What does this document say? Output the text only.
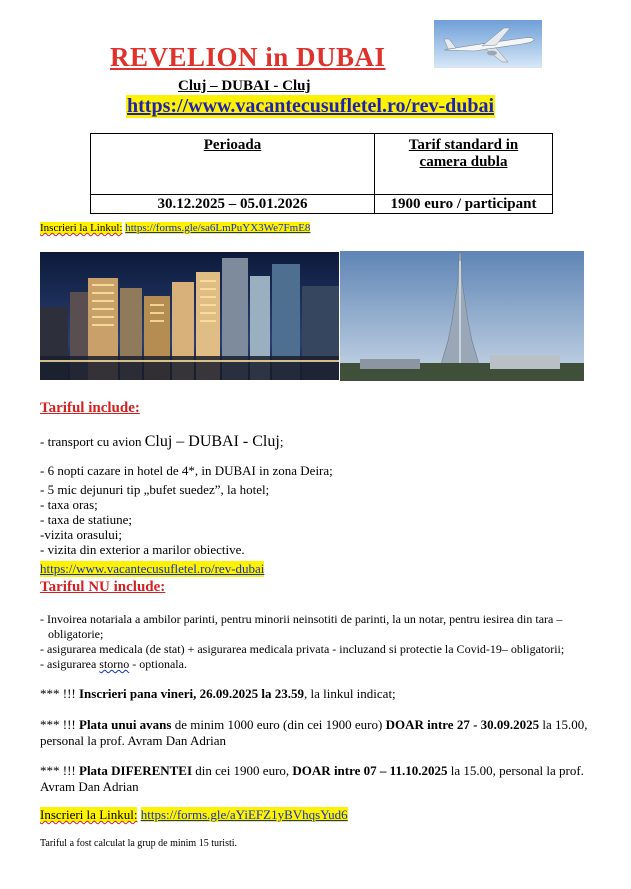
REVELION in DUBAI
Cluj – DUBAI - Cluj
https://www.vacantecusufletel.ro/rev-dubai
Perioada	Tarif standard in
camera dubla
30.12.2025 – 05.01.2026	1900 euro / participant
Inscrieri la Linkul: https://forms.gle/sa6LmPuYX3We7FmE8
Tariful include:
- transport cu avion Cluj – DUBAI - Cluj;
- 6 nopti cazare in hotel de 4*, in DUBAI in zona Deira;
- 5 mic dejunuri tip „bufet suedez”, la hotel;
- taxa oras;
- taxa de statiune;
-vizita orasului;
- vizita din exterior a marilor obiective.
https://www.vacantecusufletel.ro/rev-dubai
Tariful NU include:
- Invoirea notariala a ambilor parinti, pentru minorii neinsotiti de parinti, la un notar, pentru iesirea din tara –
obligatorie;
- asigurarea medicala (de stat) + asigurarea medicala privata - incluzand si protectie la Covid-19– obligatorii;
- asigurarea storno - optionala.
*** !!! Inscrieri pana vineri, 26.09.2025 la 23.59, la linkul indicat;
*** !!! Plata unui avans de minim 1000 euro (din cei 1900 euro) DOAR intre 27 - 30.09.2025 la 15.00,
personal la prof. Avram Dan Adrian
*** !!! Plata DIFERENTEI din cei 1900 euro, DOAR intre 07 – 11.10.2025 la 15.00, personal la prof.
Avram Dan Adrian
Inscrieri la Linkul: https://forms.gle/aYiEFZ1yBVhqsYud6
Tariful a fost calculat la grup de minim 15 turisti.
